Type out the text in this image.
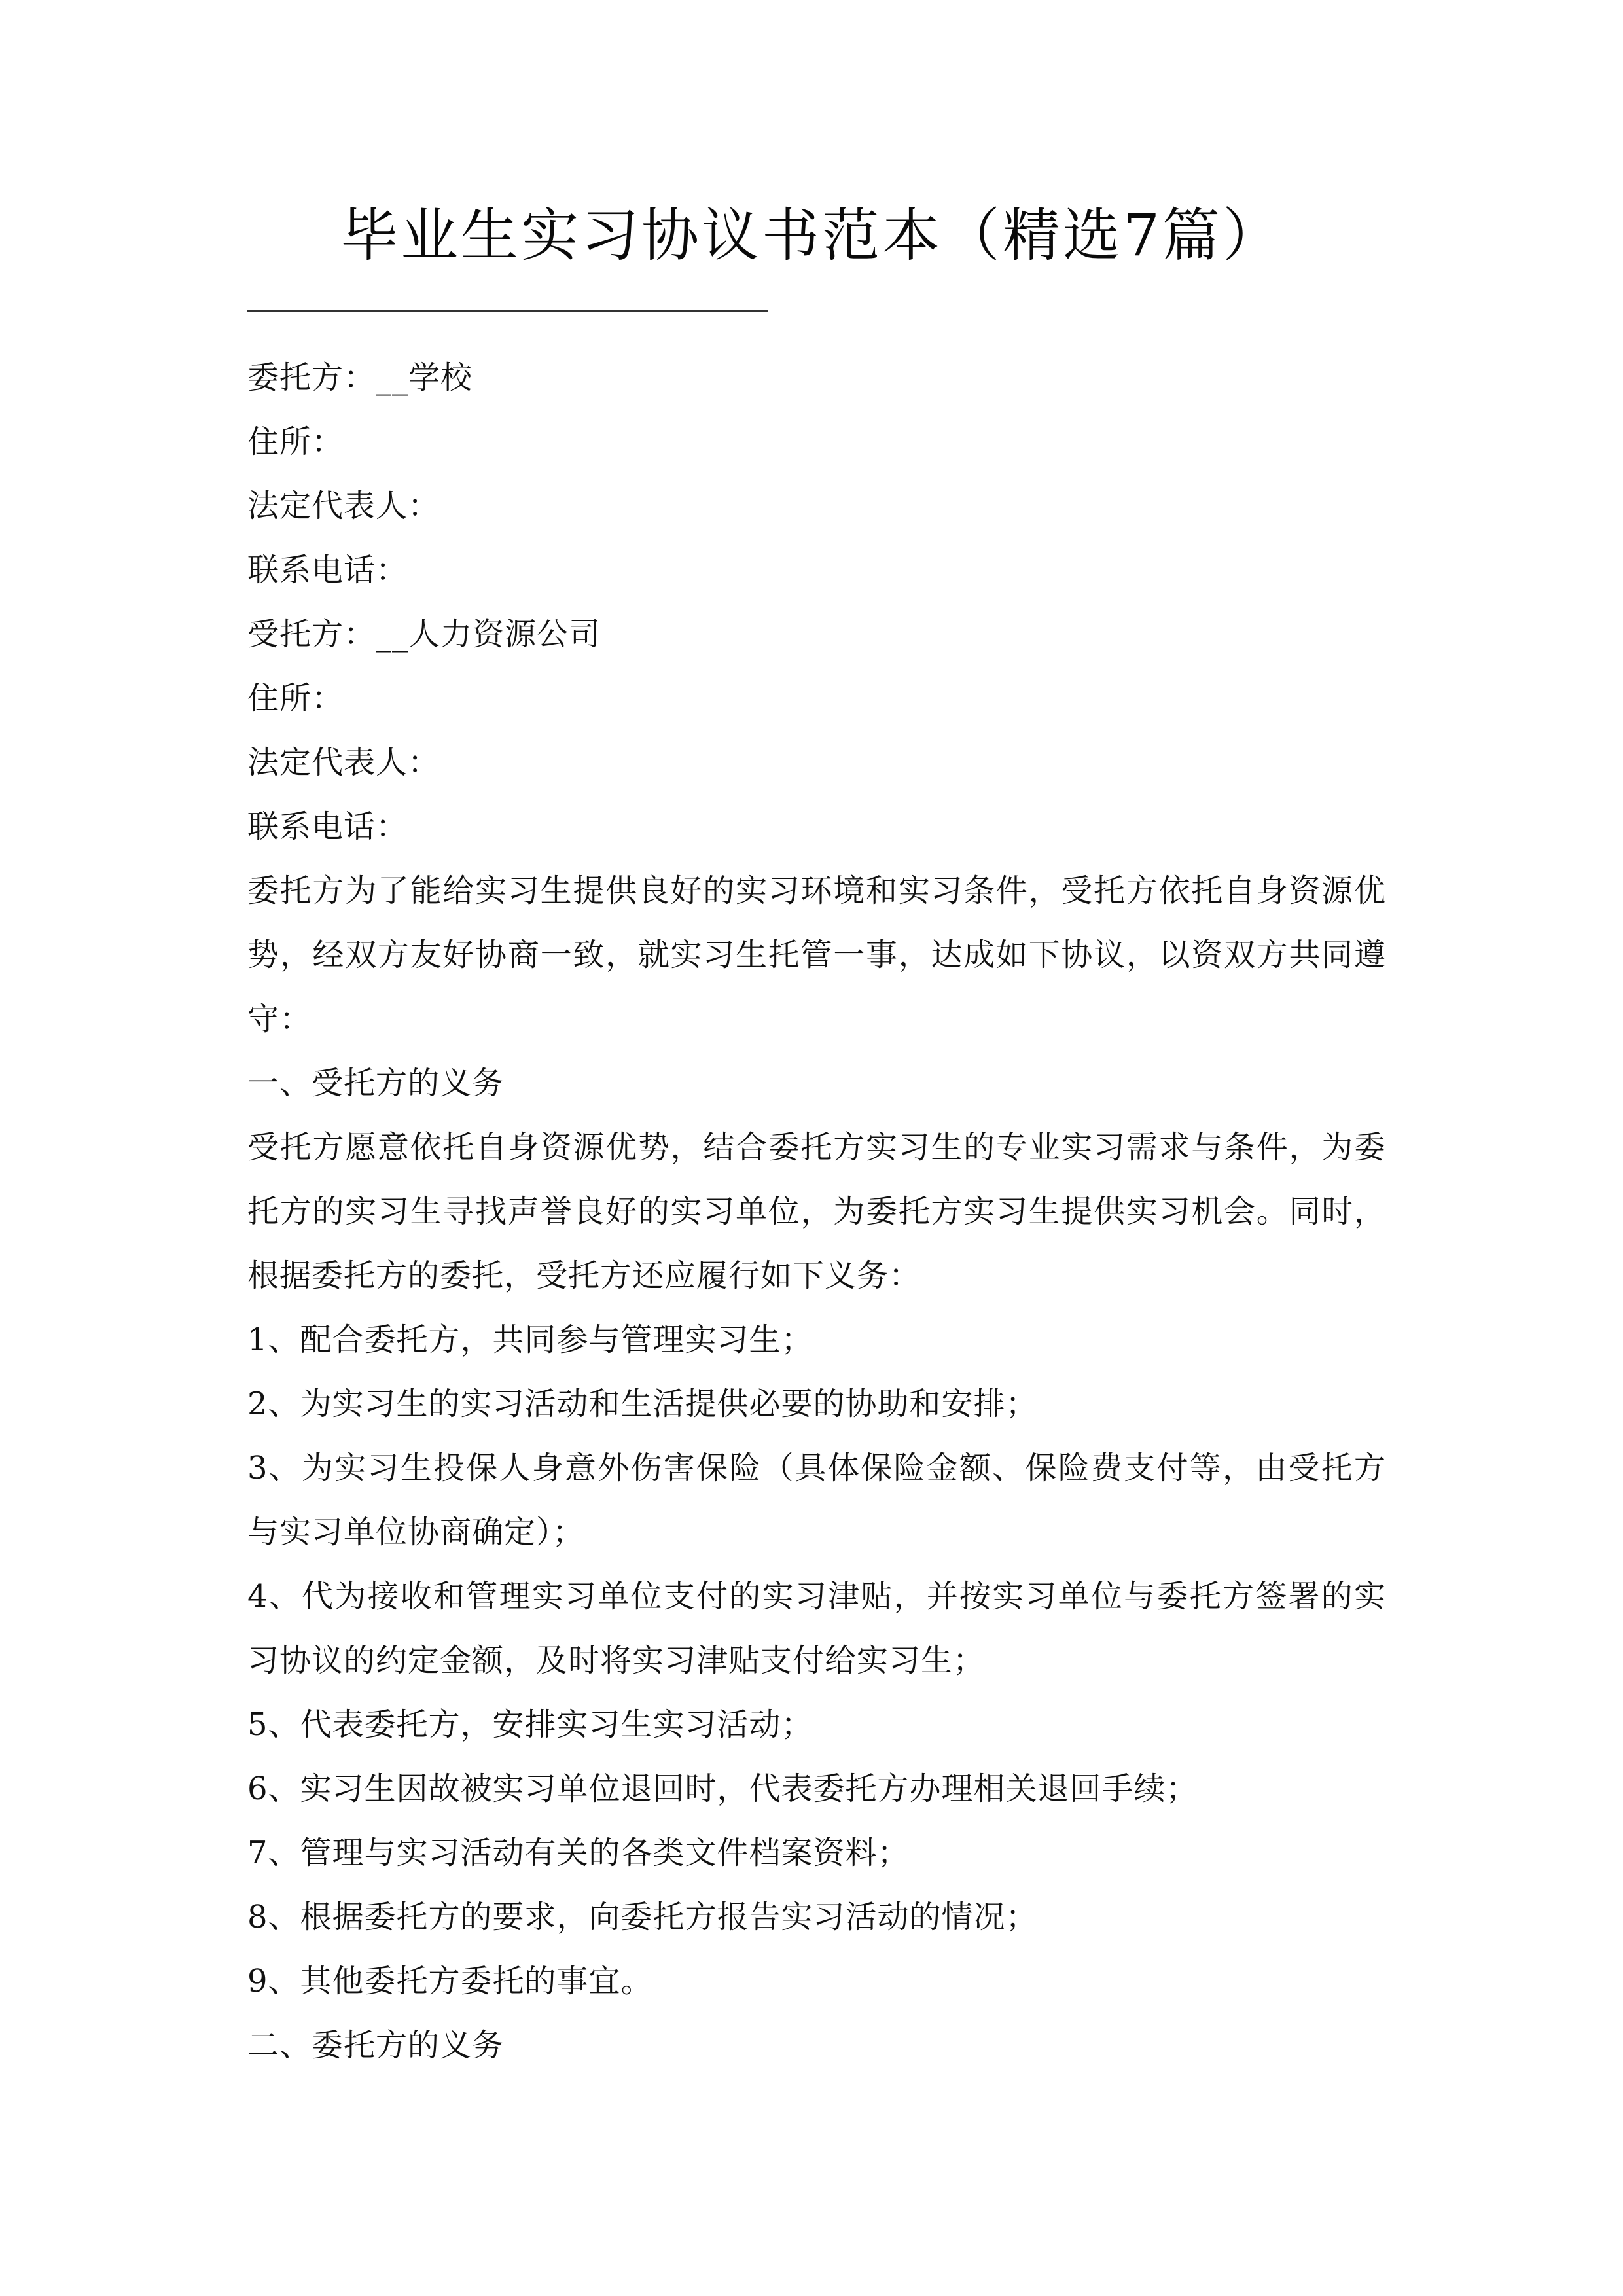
毕业生实习协议书范本（精选7篇）
委托方：__学校
住所：
法定代表人：
联系电话：
受托方：__人力资源公司
住所：
法定代表人：
联系电话：
委托方为了能给实习生提供良好的实习环境和实习条件，受托方依托自身资源优势，经双方友好协商一致，就实习生托管一事，达成如下协议，以资双方共同遵守：
一、受托方的义务
受托方愿意依托自身资源优势，结合委托方实习生的专业实习需求与条件，为委托方的实习生寻找声誉良好的实习单位，为委托方实习生提供实习机会。同时，根据委托方的委托，受托方还应履行如下义务：
1、配合委托方，共同参与管理实习生；
2、为实习生的实习活动和生活提供必要的协助和安排；
3、为实习生投保人身意外伤害保险（具体保险金额、保险费支付等，由受托方与实习单位协商确定）；
4、代为接收和管理实习单位支付的实习津贴，并按实习单位与委托方签署的实习协议的约定金额，及时将实习津贴支付给实习生；
5、代表委托方，安排实习生实习活动；
6、实习生因故被实习单位退回时，代表委托方办理相关退回手续；
7、管理与实习活动有关的各类文件档案资料；
8、根据委托方的要求，向委托方报告实习活动的情况；
9、其他委托方委托的事宜。
二、委托方的义务
